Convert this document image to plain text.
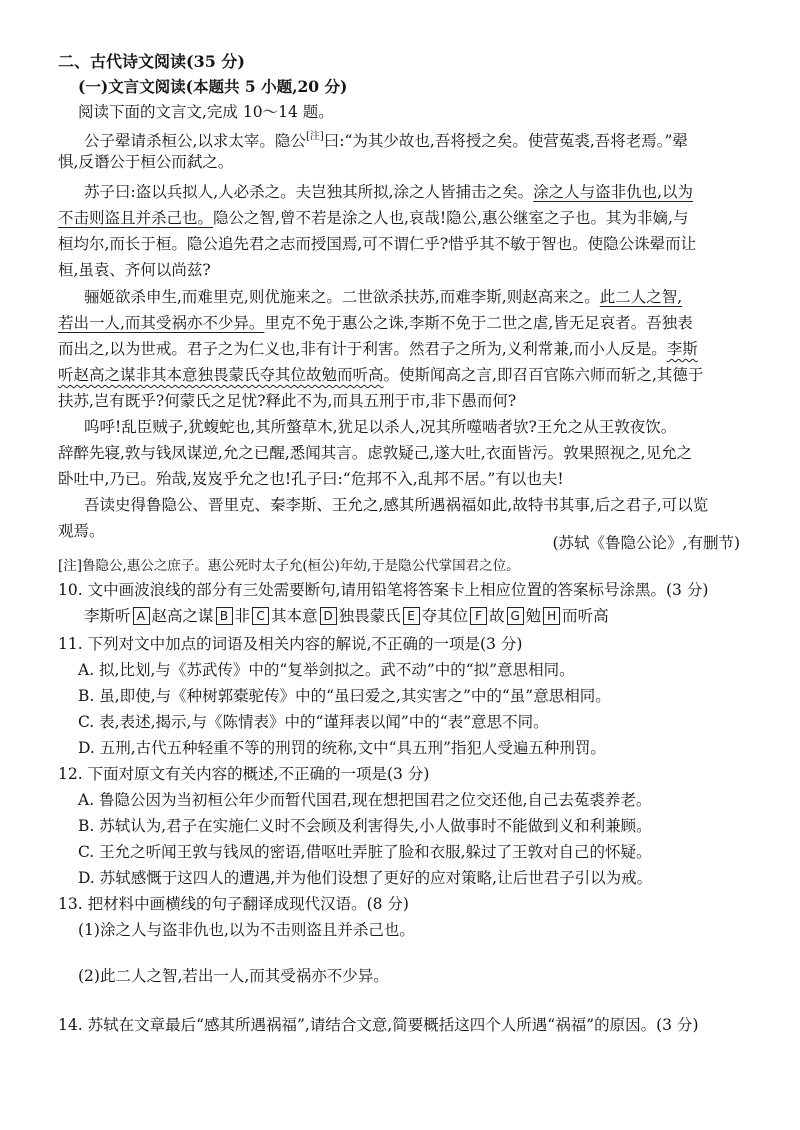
二、古代诗文阅读(35 分)
(一)文言文阅读(本题共 5 小题,20 分)
阅读下面的文言文,完成 10～14 题。
公子翚请杀桓公,以求太宰。隐公[注]曰:“为其少故也,吾将授之矣。使营菟裘,吾将老焉。”翚
惧,反谮公于桓公而弑之。
苏子曰:盗以兵拟人,人必杀之。夫岂独其所拟,涂之人皆捕击之矣。涂之人与盗非仇也,以为
不击则盗且并杀己也。隐公之智,曾不若是涂之人也,哀哉!隐公,惠公继室之子也。其为非嫡,与
桓均尔,而长于桓。隐公追先君之志而授国焉,可不谓仁乎?惜乎其不敏于智也。使隐公诛翚而让
桓,虽袁、齐何以尚兹?
骊姬欲杀申生,而难里克,则优施来之。二世欲杀扶苏,而难李斯,则赵高来之。此二人之智,
若出一人,而其受祸亦不少异。里克不免于惠公之诛,李斯不免于二世之虐,皆无足哀者。吾独表
而出之,以为世戒。君子之为仁义也,非有计于利害。然君子之所为,义利常兼,而小人反是。李斯
听赵高之谋非其本意独畏蒙氏夺其位故勉而听高。使斯闻高之言,即召百官陈六师而斩之,其德于
扶苏,岂有既乎?何蒙氏之足忧?释此不为,而具五刑于市,非下愚而何?
呜呼!乱臣贼子,犹蝮蛇也,其所螫草木,犹足以杀人,况其所噬啮者欤?王允之从王敦夜饮。
辞醉先寝,敦与钱凤谋逆,允之已醒,悉闻其言。虑敦疑己,遂大吐,衣面皆污。敦果照视之,见允之
卧吐中,乃已。殆哉,岌岌乎允之也!孔子曰:“危邦不入,乱邦不居。”有以也夫!
吾读史得鲁隐公、晋里克、秦李斯、王允之,感其所遇祸福如此,故特书其事,后之君子,可以览
观焉。
(苏轼《鲁隐公论》,有删节)
[注]鲁隐公,惠公之庶子。惠公死时太子允(桓公)年幼,于是隐公代掌国君之位。
10. 文中画波浪线的部分有三处需要断句,请用铅笔将答案卡上相应位置的答案标号涂黑。(3 分)
李斯听 A 赵高之谋 B 非 C 其本意 D 独畏蒙氏 E 夺其位 F 故 G 勉 H 而听高
11. 下列对文中加点的词语及相关内容的解说,不正确的一项是(3 分)
A. 拟,比划,与《苏武传》中的“复举剑拟之。武不动”中的“拟”意思相同。
B. 虽,即使,与《种树郭橐驼传》中的“虽曰爱之,其实害之”中的“虽”意思相同。
C. 表,表述,揭示,与《陈情表》中的“谨拜表以闻”中的“表”意思不同。
D. 五刑,古代五种轻重不等的刑罚的统称,文中“具五刑”指犯人受遍五种刑罚。
12. 下面对原文有关内容的概述,不正确的一项是(3 分)
A. 鲁隐公因为当初桓公年少而暂代国君,现在想把国君之位交还他,自己去菟裘养老。
B. 苏轼认为,君子在实施仁义时不会顾及利害得失,小人做事时不能做到义和利兼顾。
C. 王允之听闻王敦与钱凤的密语,借呕吐弄脏了脸和衣服,躲过了王敦对自己的怀疑。
D. 苏轼感慨于这四人的遭遇,并为他们设想了更好的应对策略,让后世君子引以为戒。
13. 把材料中画横线的句子翻译成现代汉语。(8 分)
(1)涂之人与盗非仇也,以为不击则盗且并杀己也。
(2)此二人之智,若出一人,而其受祸亦不少异。
14. 苏轼在文章最后“感其所遇祸福”,请结合文意,简要概括这四个人所遇“祸福”的原因。(3 分)
